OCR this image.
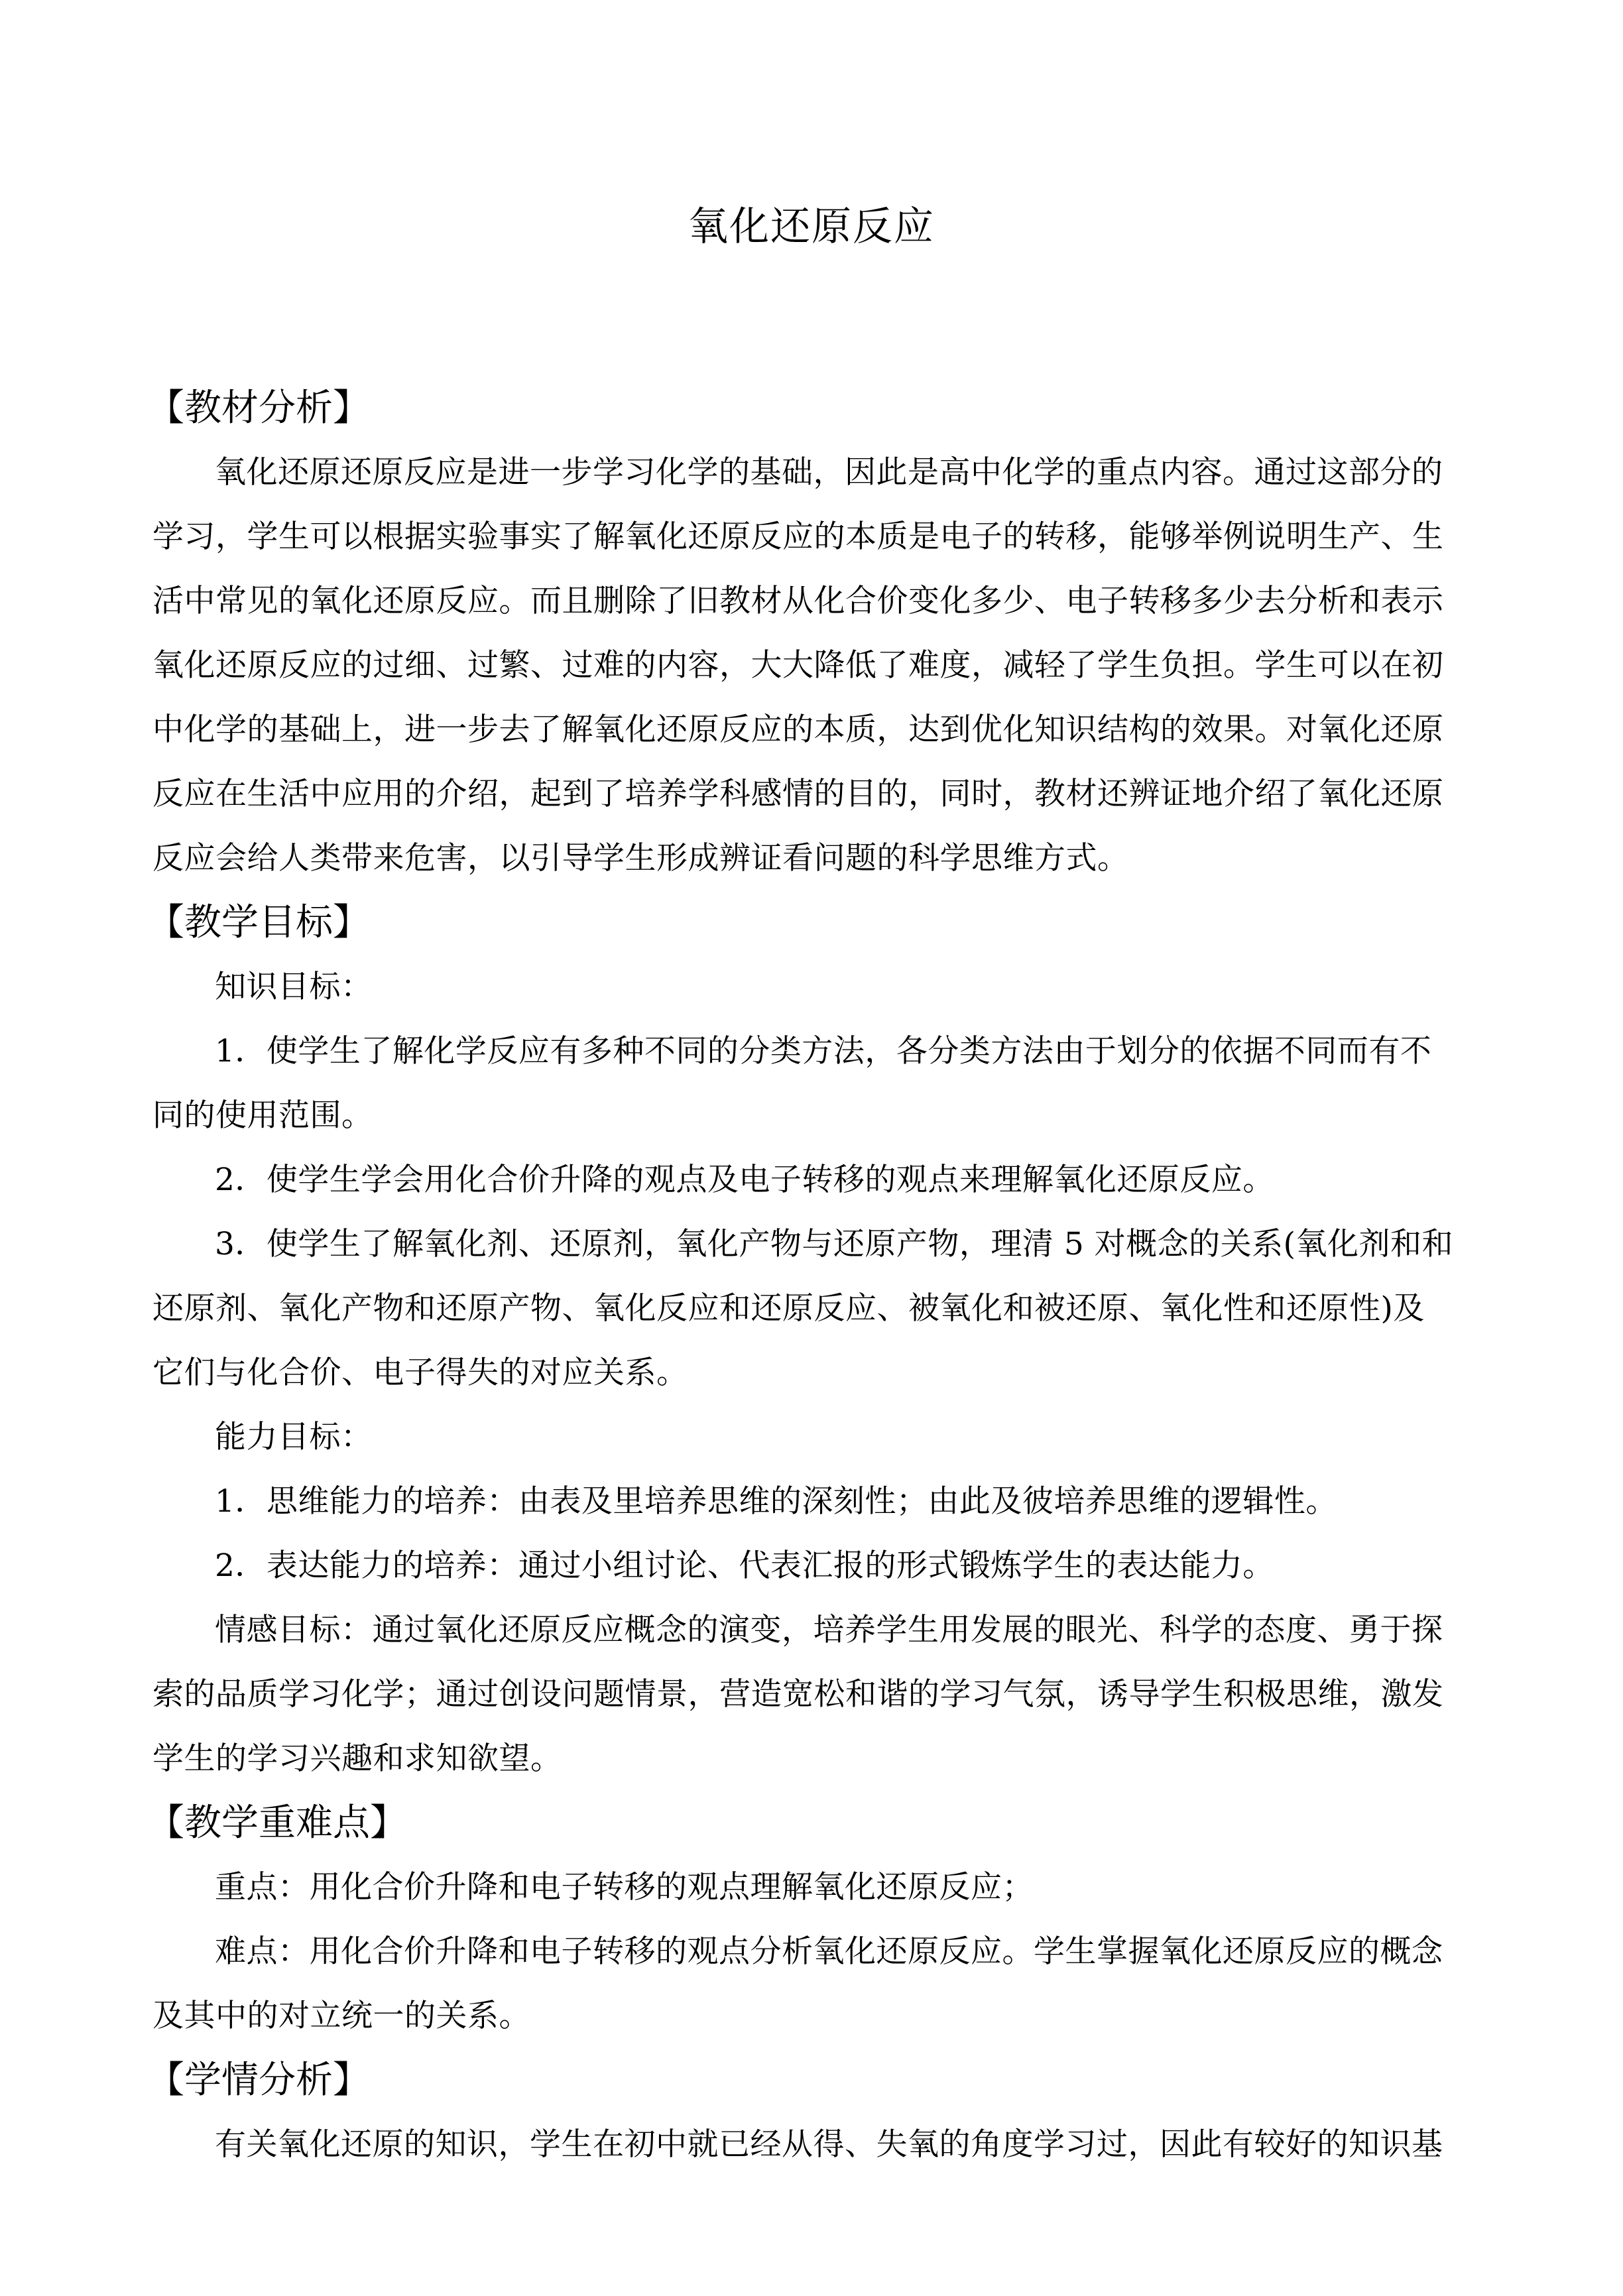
氧化还原反应
【教材分析】
氧化还原还原反应是进一步学习化学的基础，因此是高中化学的重点内容。通过这部分的
学习，学生可以根据实验事实了解氧化还原反应的本质是电子的转移，能够举例说明生产、生
活中常见的氧化还原反应。而且删除了旧教材从化合价变化多少、电子转移多少去分析和表示
氧化还原反应的过细、过繁、过难的内容，大大降低了难度，减轻了学生负担。学生可以在初
中化学的基础上，进一步去了解氧化还原反应的本质，达到优化知识结构的效果。对氧化还原
反应在生活中应用的介绍，起到了培养学科感情的目的，同时，教材还辨证地介绍了氧化还原
反应会给人类带来危害，以引导学生形成辨证看问题的科学思维方式。
【教学目标】
知识目标：
1．使学生了解化学反应有多种不同的分类方法，各分类方法由于划分的依据不同而有不
同的使用范围。
2．使学生学会用化合价升降的观点及电子转移的观点来理解氧化还原反应。
3．使学生了解氧化剂、还原剂，氧化产物与还原产物，理清 5 对概念的关系(氧化剂和和
还原剂、氧化产物和还原产物、氧化反应和还原反应、被氧化和被还原、氧化性和还原性)及
它们与化合价、电子得失的对应关系。
能力目标：
1．思维能力的培养：由表及里培养思维的深刻性；由此及彼培养思维的逻辑性。
2．表达能力的培养：通过小组讨论、代表汇报的形式锻炼学生的表达能力。
情感目标：通过氧化还原反应概念的演变，培养学生用发展的眼光、科学的态度、勇于探
索的品质学习化学；通过创设问题情景，营造宽松和谐的学习气氛，诱导学生积极思维，激发
学生的学习兴趣和求知欲望。
【教学重难点】
重点：用化合价升降和电子转移的观点理解氧化还原反应；
难点：用化合价升降和电子转移的观点分析氧化还原反应。学生掌握氧化还原反应的概念
及其中的对立统一的关系。
【学情分析】
有关氧化还原的知识，学生在初中就已经从得、失氧的角度学习过，因此有较好的知识基
